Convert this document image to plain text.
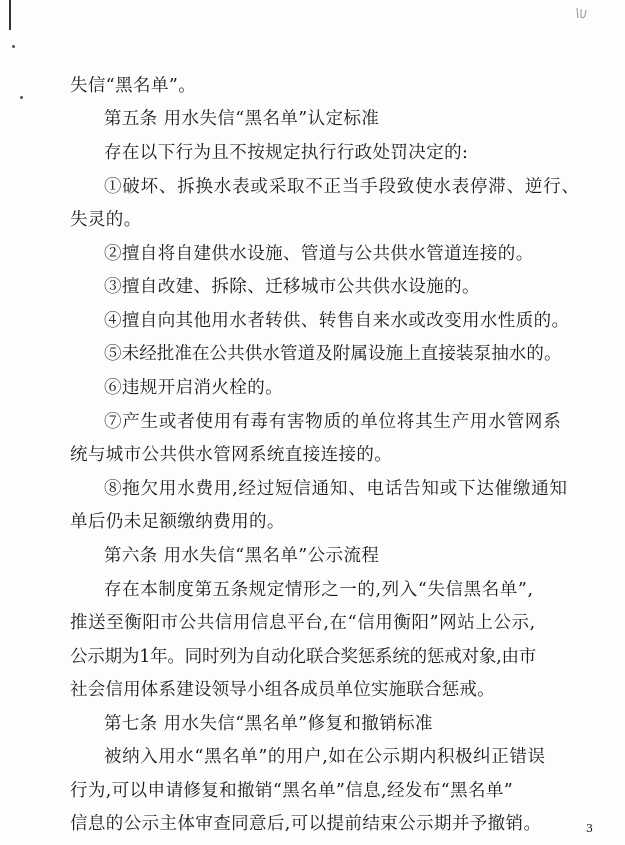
失信“黑名单”。
第五条 用水失信“黑名单”认定标准
存在以下行为且不按规定执行行政处罚决定的:
①破坏、拆换水表或采取不正当手段致使水表停滞、逆行、
失灵的。
②擅自将自建供水设施、管道与公共供水管道连接的。
③擅自改建、拆除、迁移城市公共供水设施的。
④擅自向其他用水者转供、转售自来水或改变用水性质的。
⑤未经批准在公共供水管道及附属设施上直接装泵抽水的。
⑥违规开启消火栓的。
⑦产生或者使用有毒有害物质的单位将其生产用水管网系
统与城市公共供水管网系统直接连接的。
⑧拖欠用水费用,经过短信通知、电话告知或下达催缴通知
单后仍未足额缴纳费用的。
第六条 用水失信“黑名单”公示流程
存在本制度第五条规定情形之一的,列入“失信黑名单”,
推送至衡阳市公共信用信息平台,在“信用衡阳”网站上公示,
公示期为1年。同时列为自动化联合奖惩系统的惩戒对象,由市
社会信用体系建设领导小组各成员单位实施联合惩戒。
第七条 用水失信“黑名单”修复和撤销标准
被纳入用水“黑名单”的用户,如在公示期内积极纠正错误
行为,可以申请修复和撤销“黑名单”信息,经发布“黑名单”
信息的公示主体审查同意后,可以提前结束公示期并予撤销。	3
